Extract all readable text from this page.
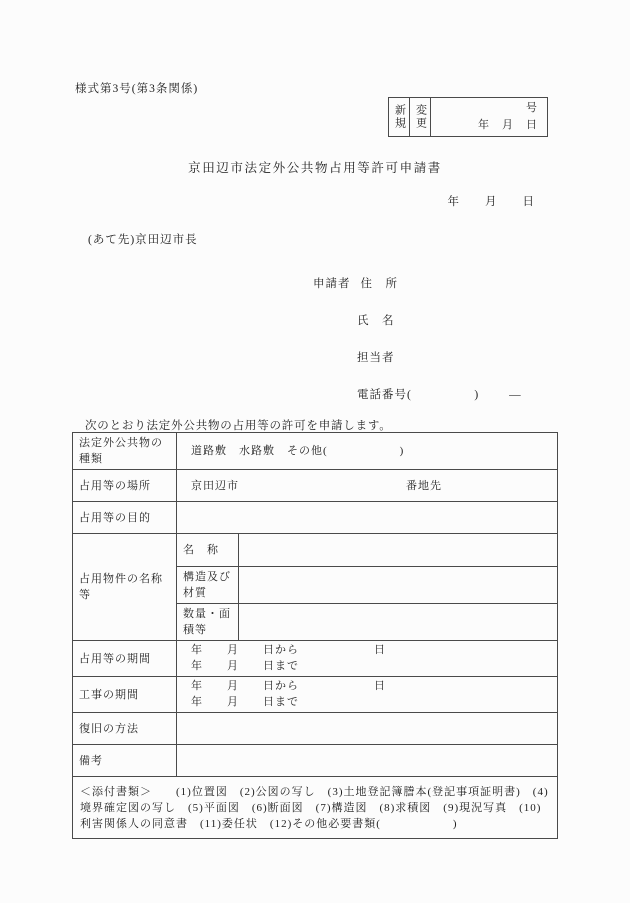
様式第3号(第3条関係)
新規 変更	号
年　月　日
京田辺市法定外公共物占用等許可申請書
年　　月　　日
(あて先)京田辺市長
申請者 住　所
氏　名
担当者
電話番号(　　　　　)	―
次のとおり法定外公共物の占用等の許可を申請します。
法定外公共物の種類	道路敷　水路敷　その他(　　　　　　)	
占用等の場所	京田辺市 番地先	
占用等の目的		
占用物件の名称等	名　称	
	構造及び材質	
	数量・面積等	
占用等の期間	年　　月　　日から 日
年　　月　　日まで	

工事の期間	年　　月　　日から 日
年　　月　　日まで	

復旧の方法		
備考		
＜添付書類＞　　(1)位置図　(2)公図の写し　(3)土地登記簿謄本(登記事項証明書)　(4)境界確定図の写し　(5)平面図　(6)断面図　(7)構造図　(8)求積図　(9)現況写真　(10)利害関係人の同意書　(11)委任状　(12)その他必要書類(　　　　　　)		
